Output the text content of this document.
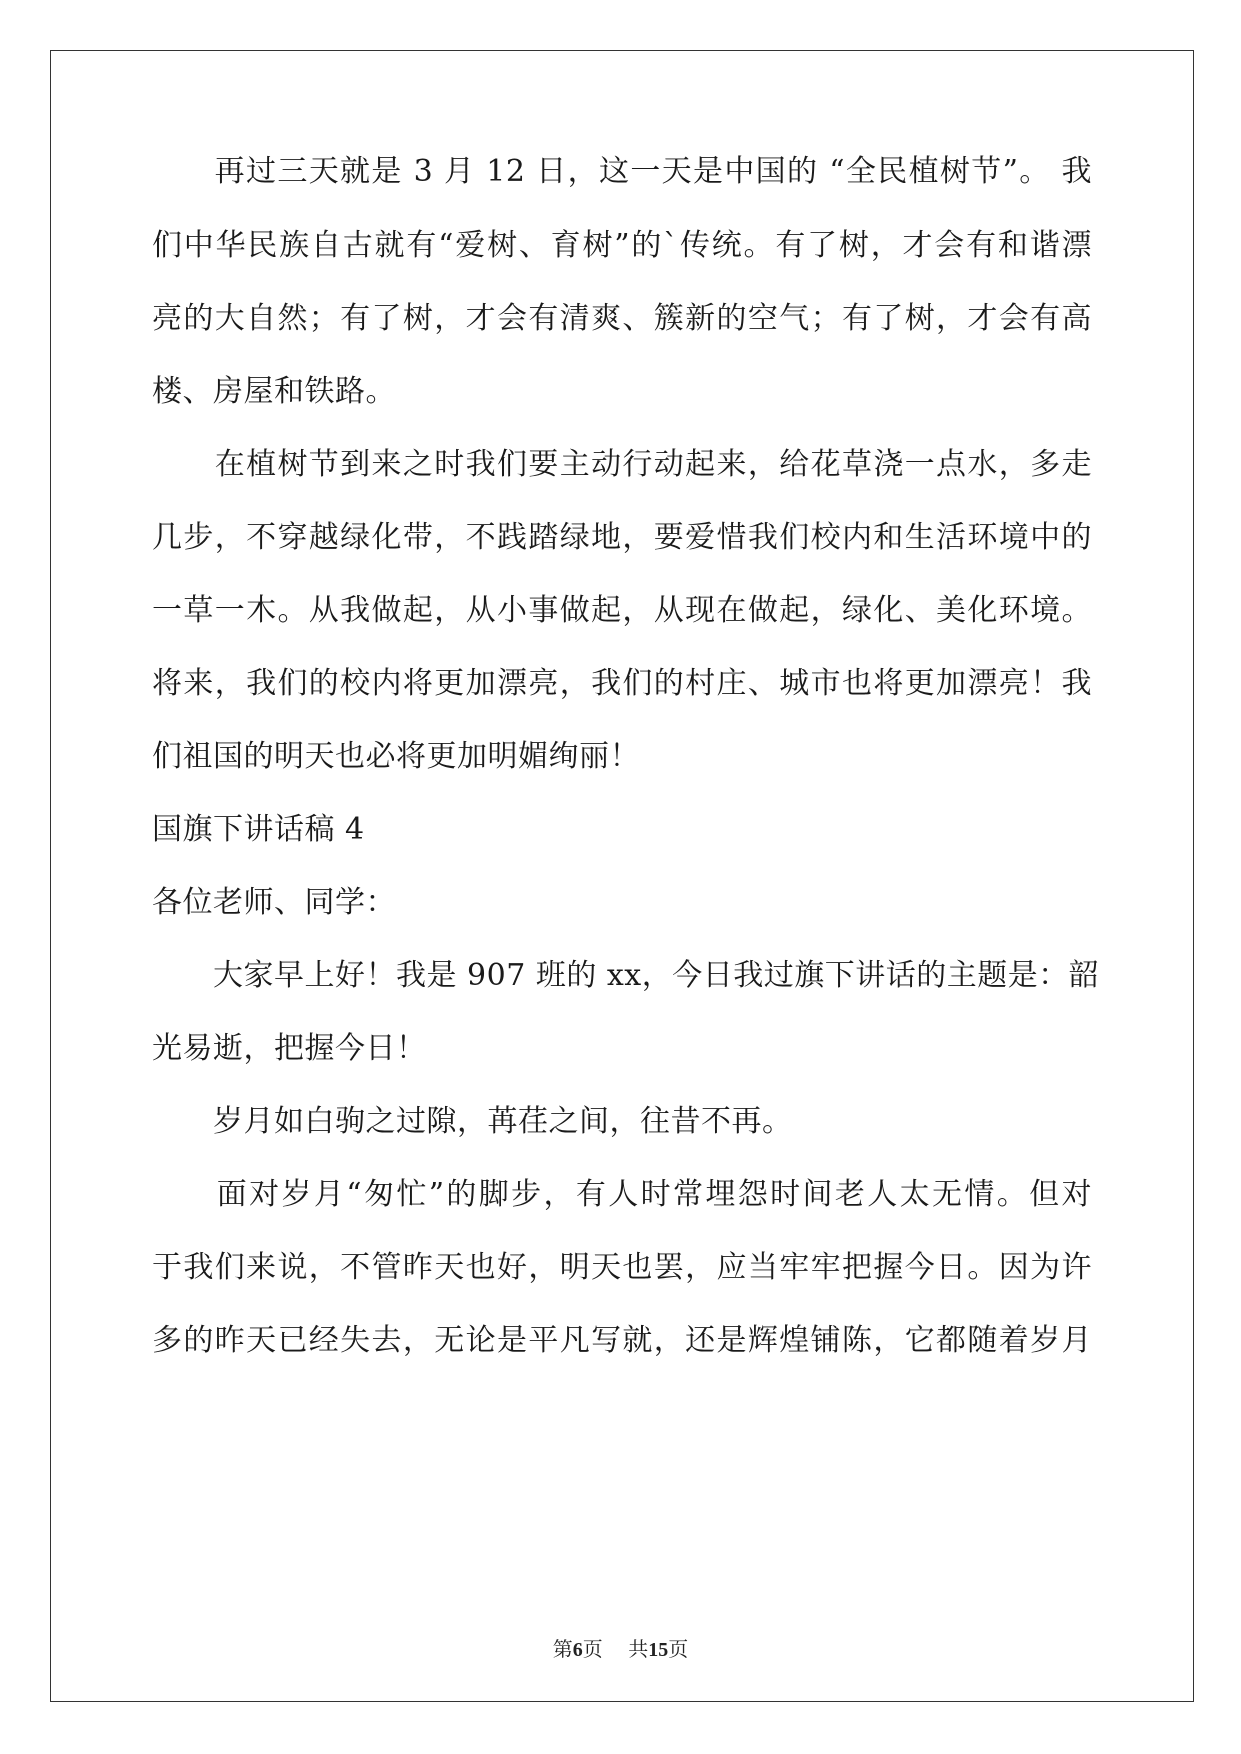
　　再过三天就是 3 月 12 日，这一天是中国的 “全民植树节”。 我
们中华民族自古就有“爱树、育树”的`传统。有了树，才会有和谐漂
亮的大自然；有了树，才会有清爽、簇新的空气；有了树，才会有高
楼、房屋和铁路。
　　在植树节到来之时我们要主动行动起来，给花草浇一点水，多走
几步，不穿越绿化带，不践踏绿地，要爱惜我们校内和生活环境中的
一草一木。从我做起，从小事做起，从现在做起，绿化、美化环境。
将来，我们的校内将更加漂亮，我们的村庄、城市也将更加漂亮！我
们祖国的明天也必将更加明媚绚丽！
国旗下讲话稿 4
各位老师、同学：
　　大家早上好！我是 907 班的 xx，今日我过旗下讲话的主题是：韶
光易逝，把握今日！
　　岁月如白驹之过隙，苒荏之间，往昔不再。
　　面对岁月“匆忙”的脚步，有人时常埋怨时间老人太无情。但对
于我们来说，不管昨天也好，明天也罢，应当牢牢把握今日。因为许
多的昨天已经失去，无论是平凡写就，还是辉煌铺陈，它都随着岁月
第6页 共15页
